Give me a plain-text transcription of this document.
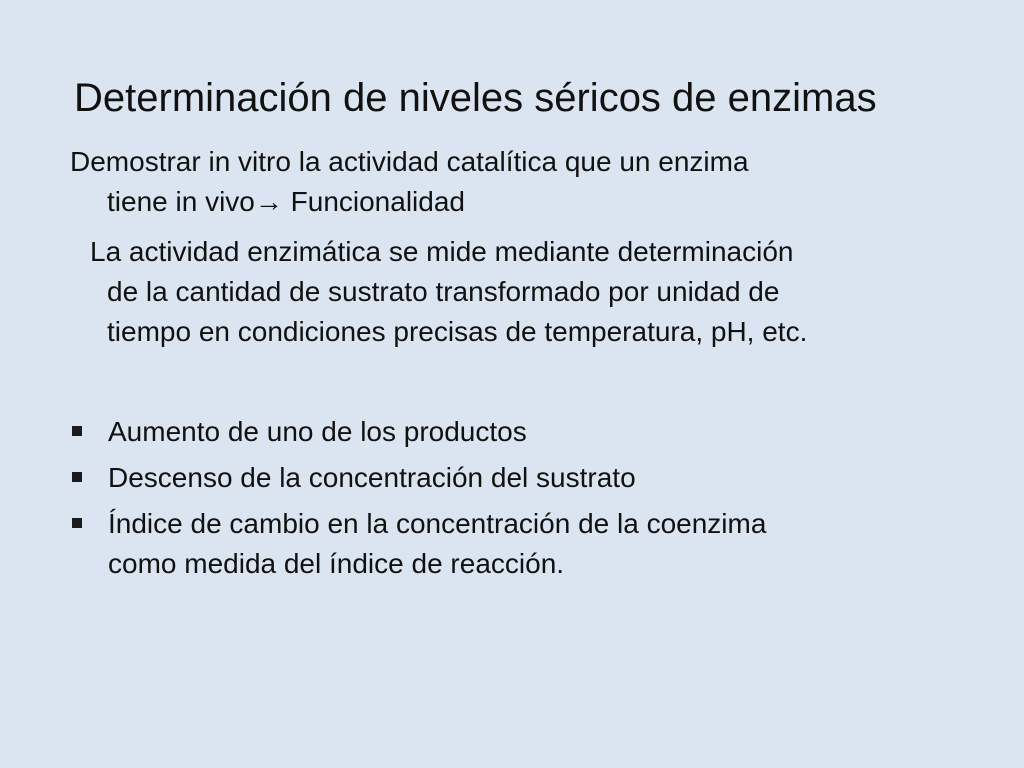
Determinación de niveles séricos de enzimas
Demostrar in vitro la actividad catalítica que un enzima
tiene in vivo→ Funcionalidad
La actividad enzimática se mide mediante determinación
de la cantidad de sustrato transformado por unidad de
tiempo en condiciones precisas de temperatura, pH, etc.
Aumento de uno de los productos
Descenso de la concentración del sustrato
Índice de cambio en la concentración de la coenzima
como medida del índice de reacción.
